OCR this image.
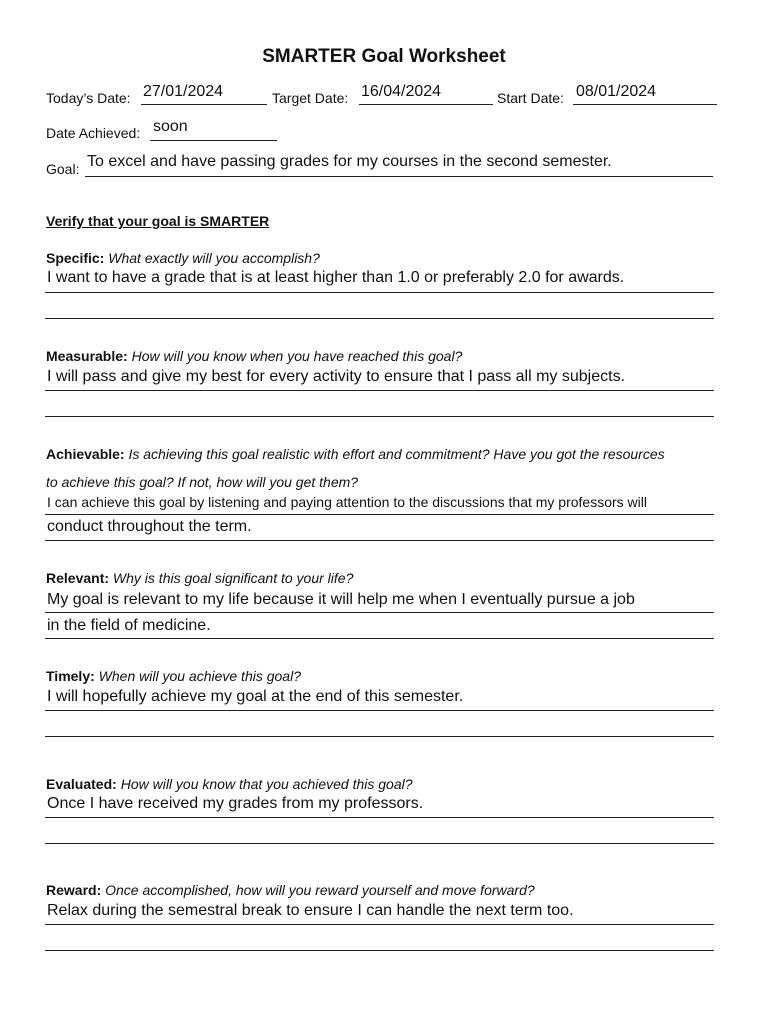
SMARTER Goal Worksheet
Today’s Date: 27/01/2024	Target Date: 16/04/2024	Start Date: 08/01/2024
Date Achieved: soon
Goal: To excel and have passing grades for my courses in the second semester.
Verify that your goal is SMARTER
Specific: What exactly will you accomplish?
I want to have a grade that is at least higher than 1.0 or preferably 2.0 for awards.
Measurable: How will you know when you have reached this goal?
I will pass and give my best for every activity to ensure that I pass all my subjects.
Achievable: Is achieving this goal realistic with effort and commitment? Have you got the resources
to achieve this goal? If not, how will you get them?
I can achieve this goal by listening and paying attention to the discussions that my professors will
conduct throughout the term.
Relevant: Why is this goal significant to your life?
My goal is relevant to my life because it will help me when I eventually pursue a job
in the field of medicine.
Timely: When will you achieve this goal?
I will hopefully achieve my goal at the end of this semester.
Evaluated: How will you know that you achieved this goal?
Once I have received my grades from my professors.
Reward: Once accomplished, how will you reward yourself and move forward?
Relax during the semestral break to ensure I can handle the next term too.
